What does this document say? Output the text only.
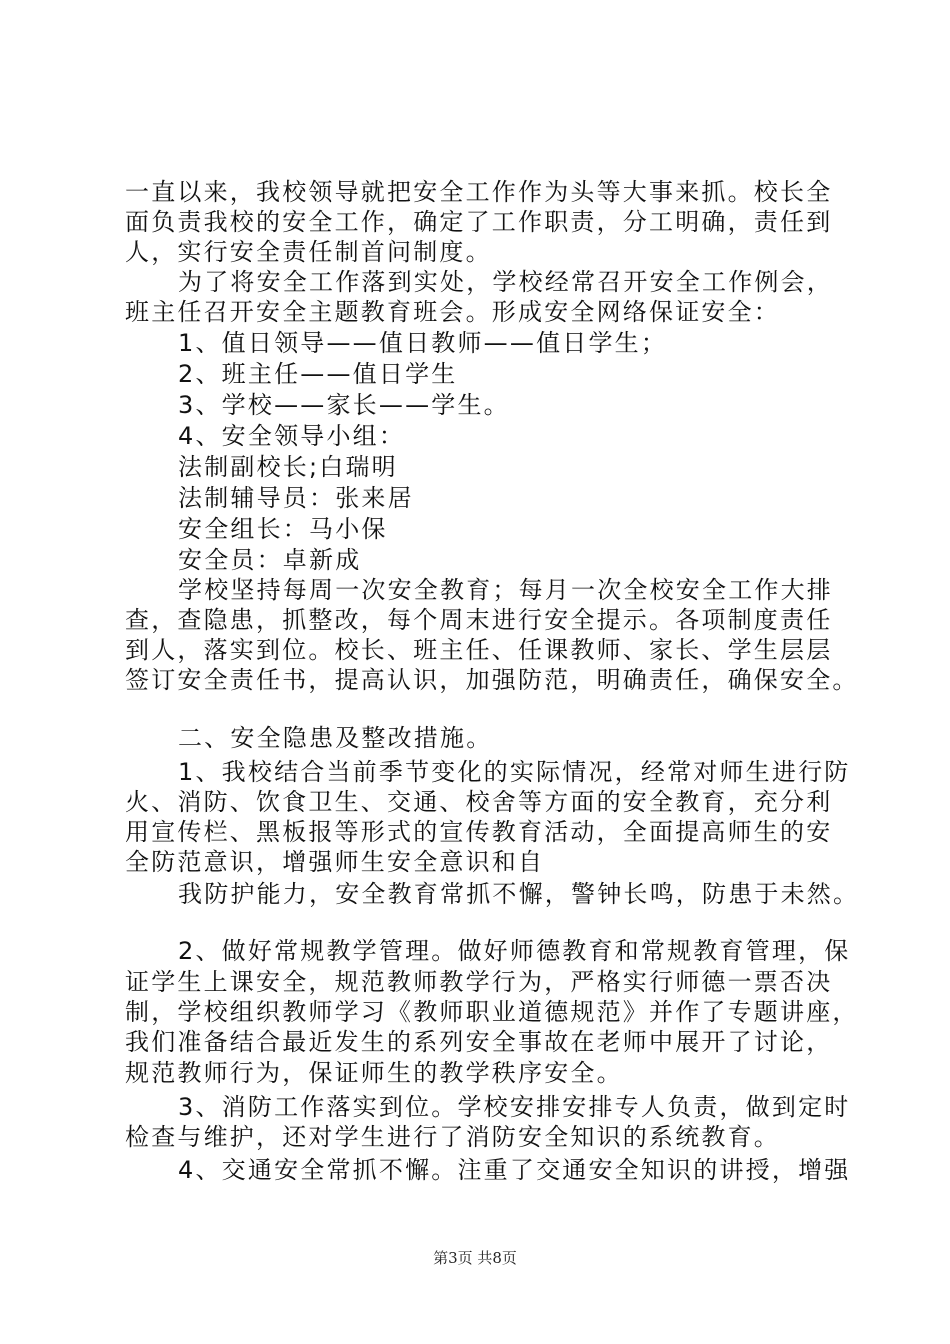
一直以来，我校领导就把安全工作作为头等大事来抓。校长全
面负责我校的安全工作，确定了工作职责，分工明确，责任到
人，实行安全责任制首问制度。
为了将安全工作落到实处，学校经常召开安全工作例会，
班主任召开安全主题教育班会。形成安全网络保证安全：
1、值日领导——值日教师——值日学生；
2、班主任——值日学生
3、学校——家长——学生。
4、安全领导小组：
法制副校长;白瑞明
法制辅导员：张来居
安全组长：马小保
安全员：卓新成
学校坚持每周一次安全教育；每月一次全校安全工作大排
查，查隐患，抓整改，每个周末进行安全提示。各项制度责任
到人，落实到位。校长、班主任、任课教师、家长、学生层层
签订安全责任书，提高认识，加强防范，明确责任，确保安全。
二、安全隐患及整改措施。
1、我校结合当前季节变化的实际情况，经常对师生进行防
火、消防、饮食卫生、交通、校舍等方面的安全教育，充分利
用宣传栏、黑板报等形式的宣传教育活动，全面提高师生的安
全防范意识，增强师生安全意识和自
我防护能力，安全教育常抓不懈，警钟长鸣，防患于未然。
2、做好常规教学管理。做好师德教育和常规教育管理，保
证学生上课安全，规范教师教学行为，严格实行师德一票否决
制，学校组织教师学习《教师职业道德规范》并作了专题讲座，
我们准备结合最近发生的系列安全事故在老师中展开了讨论，
规范教师行为，保证师生的教学秩序安全。
3、消防工作落实到位。学校安排安排专人负责，做到定时
检查与维护，还对学生进行了消防安全知识的系统教育。
4、交通安全常抓不懈。注重了交通安全知识的讲授，增强
第3页 共8页
